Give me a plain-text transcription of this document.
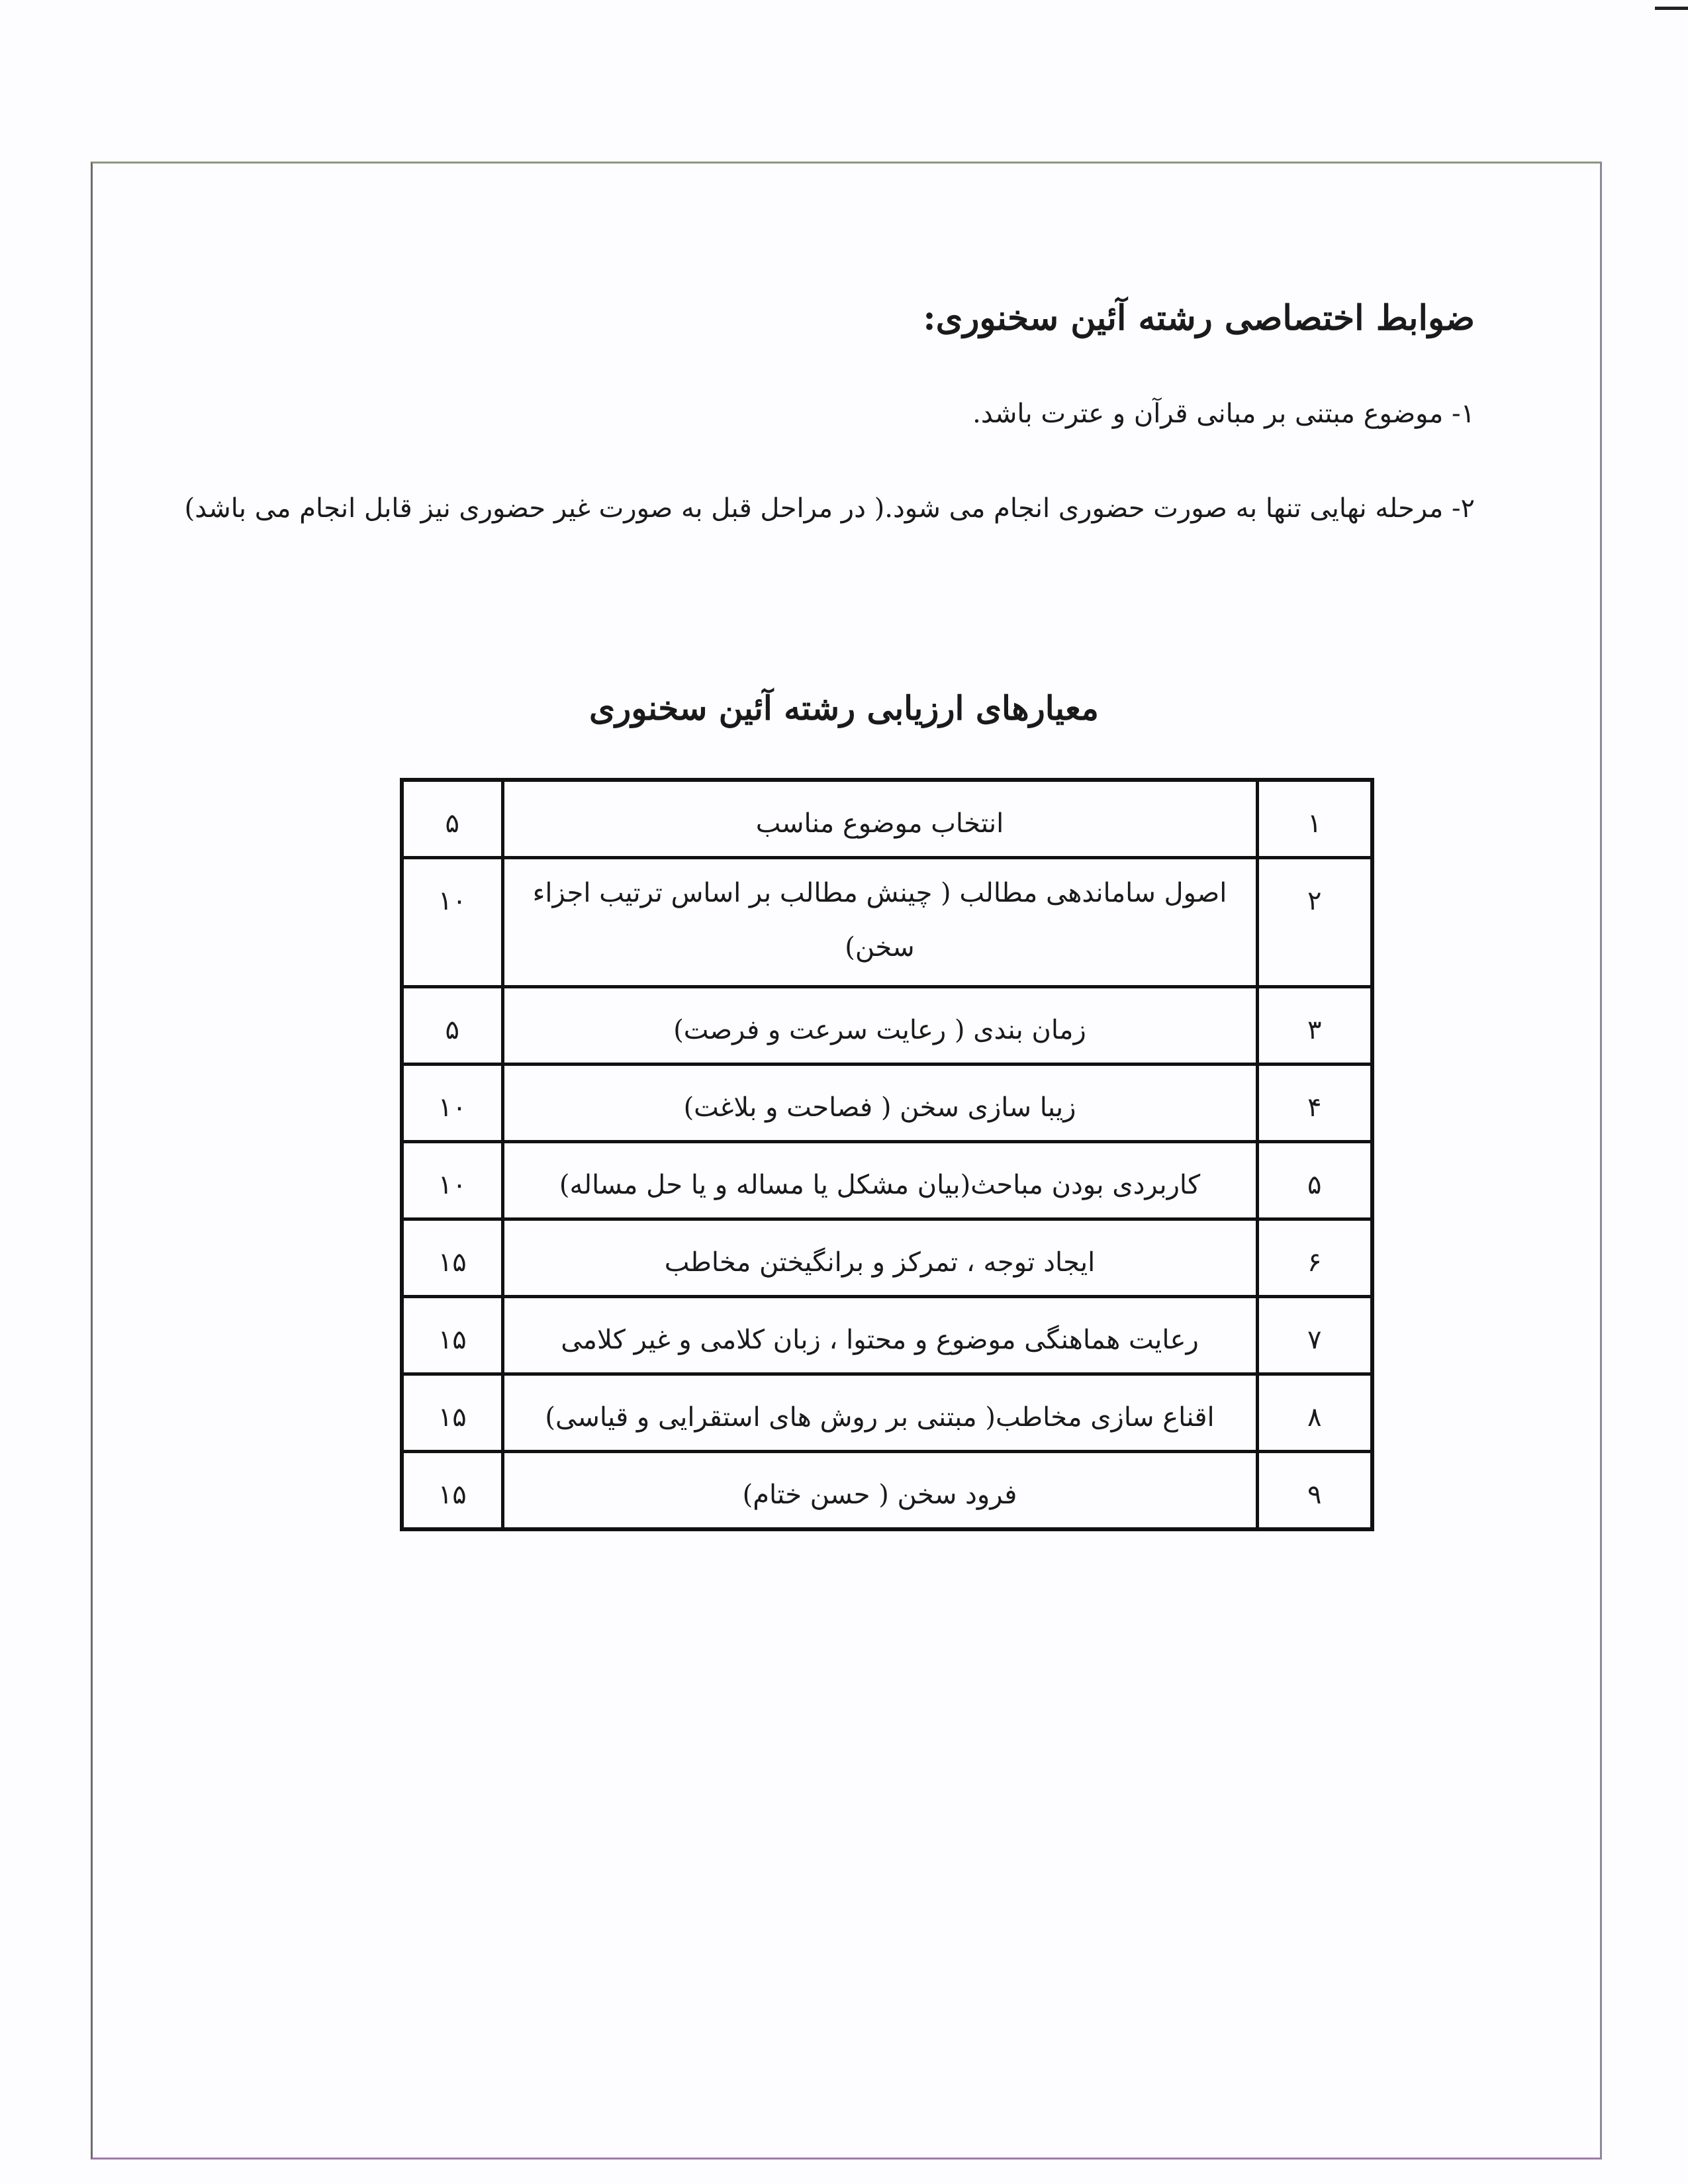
ضوابط اختصاصی رشته آئین سخنوری:

۱- موضوع مبتنی بر مبانی قرآن و عترت باشد.

۲- مرحله نهایی تنها به صورت حضوری انجام می شود.( در مراحل قبل به صورت غیر حضوری نیز قابل انجام می باشد)

معیارهای ارزیابی رشته آئین سخنوری
۱	انتخاب موضوع مناسب	۵
۲	اصول ساماندهی مطالب ( چینش مطالب بر اساس ترتیب اجزاء سخن)	۱۰
۳	زمان بندی ( رعایت سرعت و فرصت)	۵
۴	زیبا سازی سخن ( فصاحت و بلاغت)	۱۰
۵	کاربردی بودن مباحث(بیان مشکل یا مساله و یا حل مساله)	۱۰
۶	ایجاد توجه ، تمرکز و برانگیختن مخاطب	۱۵
۷	رعایت هماهنگی موضوع و محتوا ، زبان کلامی و غیر کلامی	۱۵
۸	اقناع سازی مخاطب( مبتنی بر روش های استقرایی و قیاسی)	۱۵
۹	فرود سخن ( حسن ختام)	۱۵
